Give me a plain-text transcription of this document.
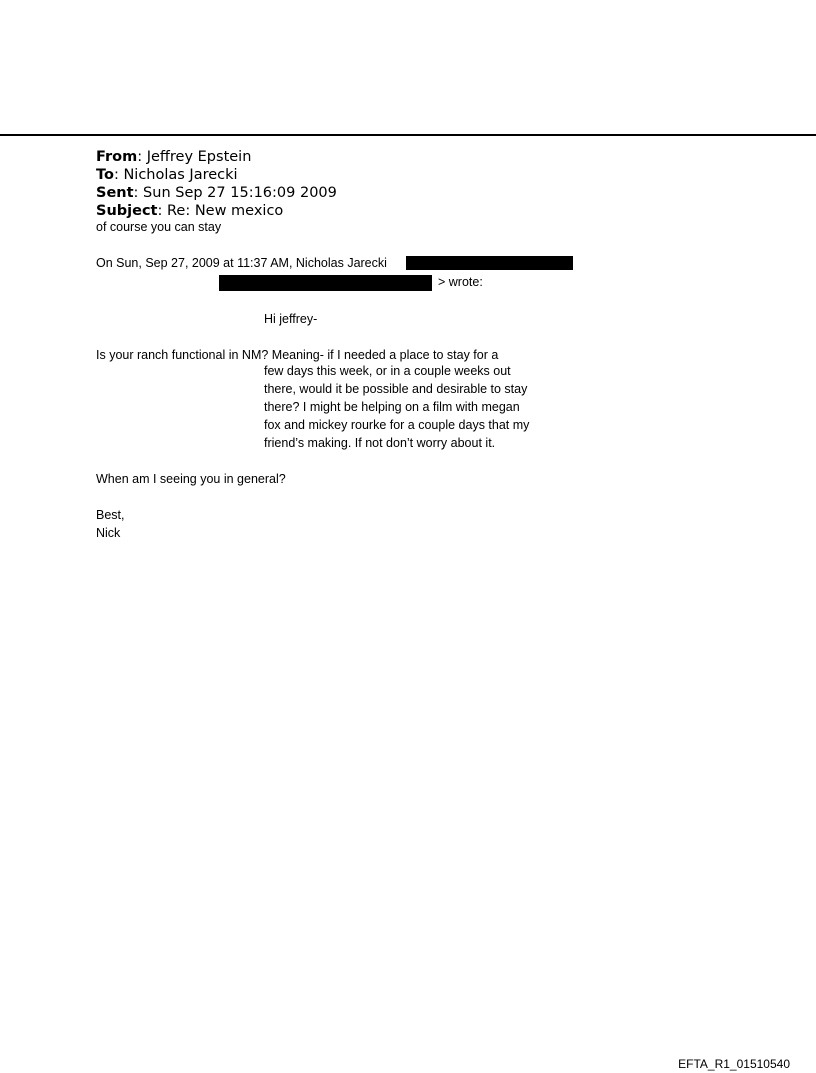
From: Jeffrey Epstein
To: Nicholas Jarecki
Sent: Sun Sep 27 15:16:09 2009
Subject: Re: New mexico
of course you can stay
On Sun, Sep 27, 2009 at 11:37 AM, Nicholas Jarecki
> wrote:
Hi jeffrey-
Is your ranch functional in NM? Meaning- if I needed a place to stay for a
few days this week, or in a couple weeks out
there, would it be possible and desirable to stay
there? I might be helping on a film with megan
fox and mickey rourke for a couple days that my
friend’s making. If not don’t worry about it.
When am I seeing you in general?
Best,
Nick
EFTA_R1_01510540
